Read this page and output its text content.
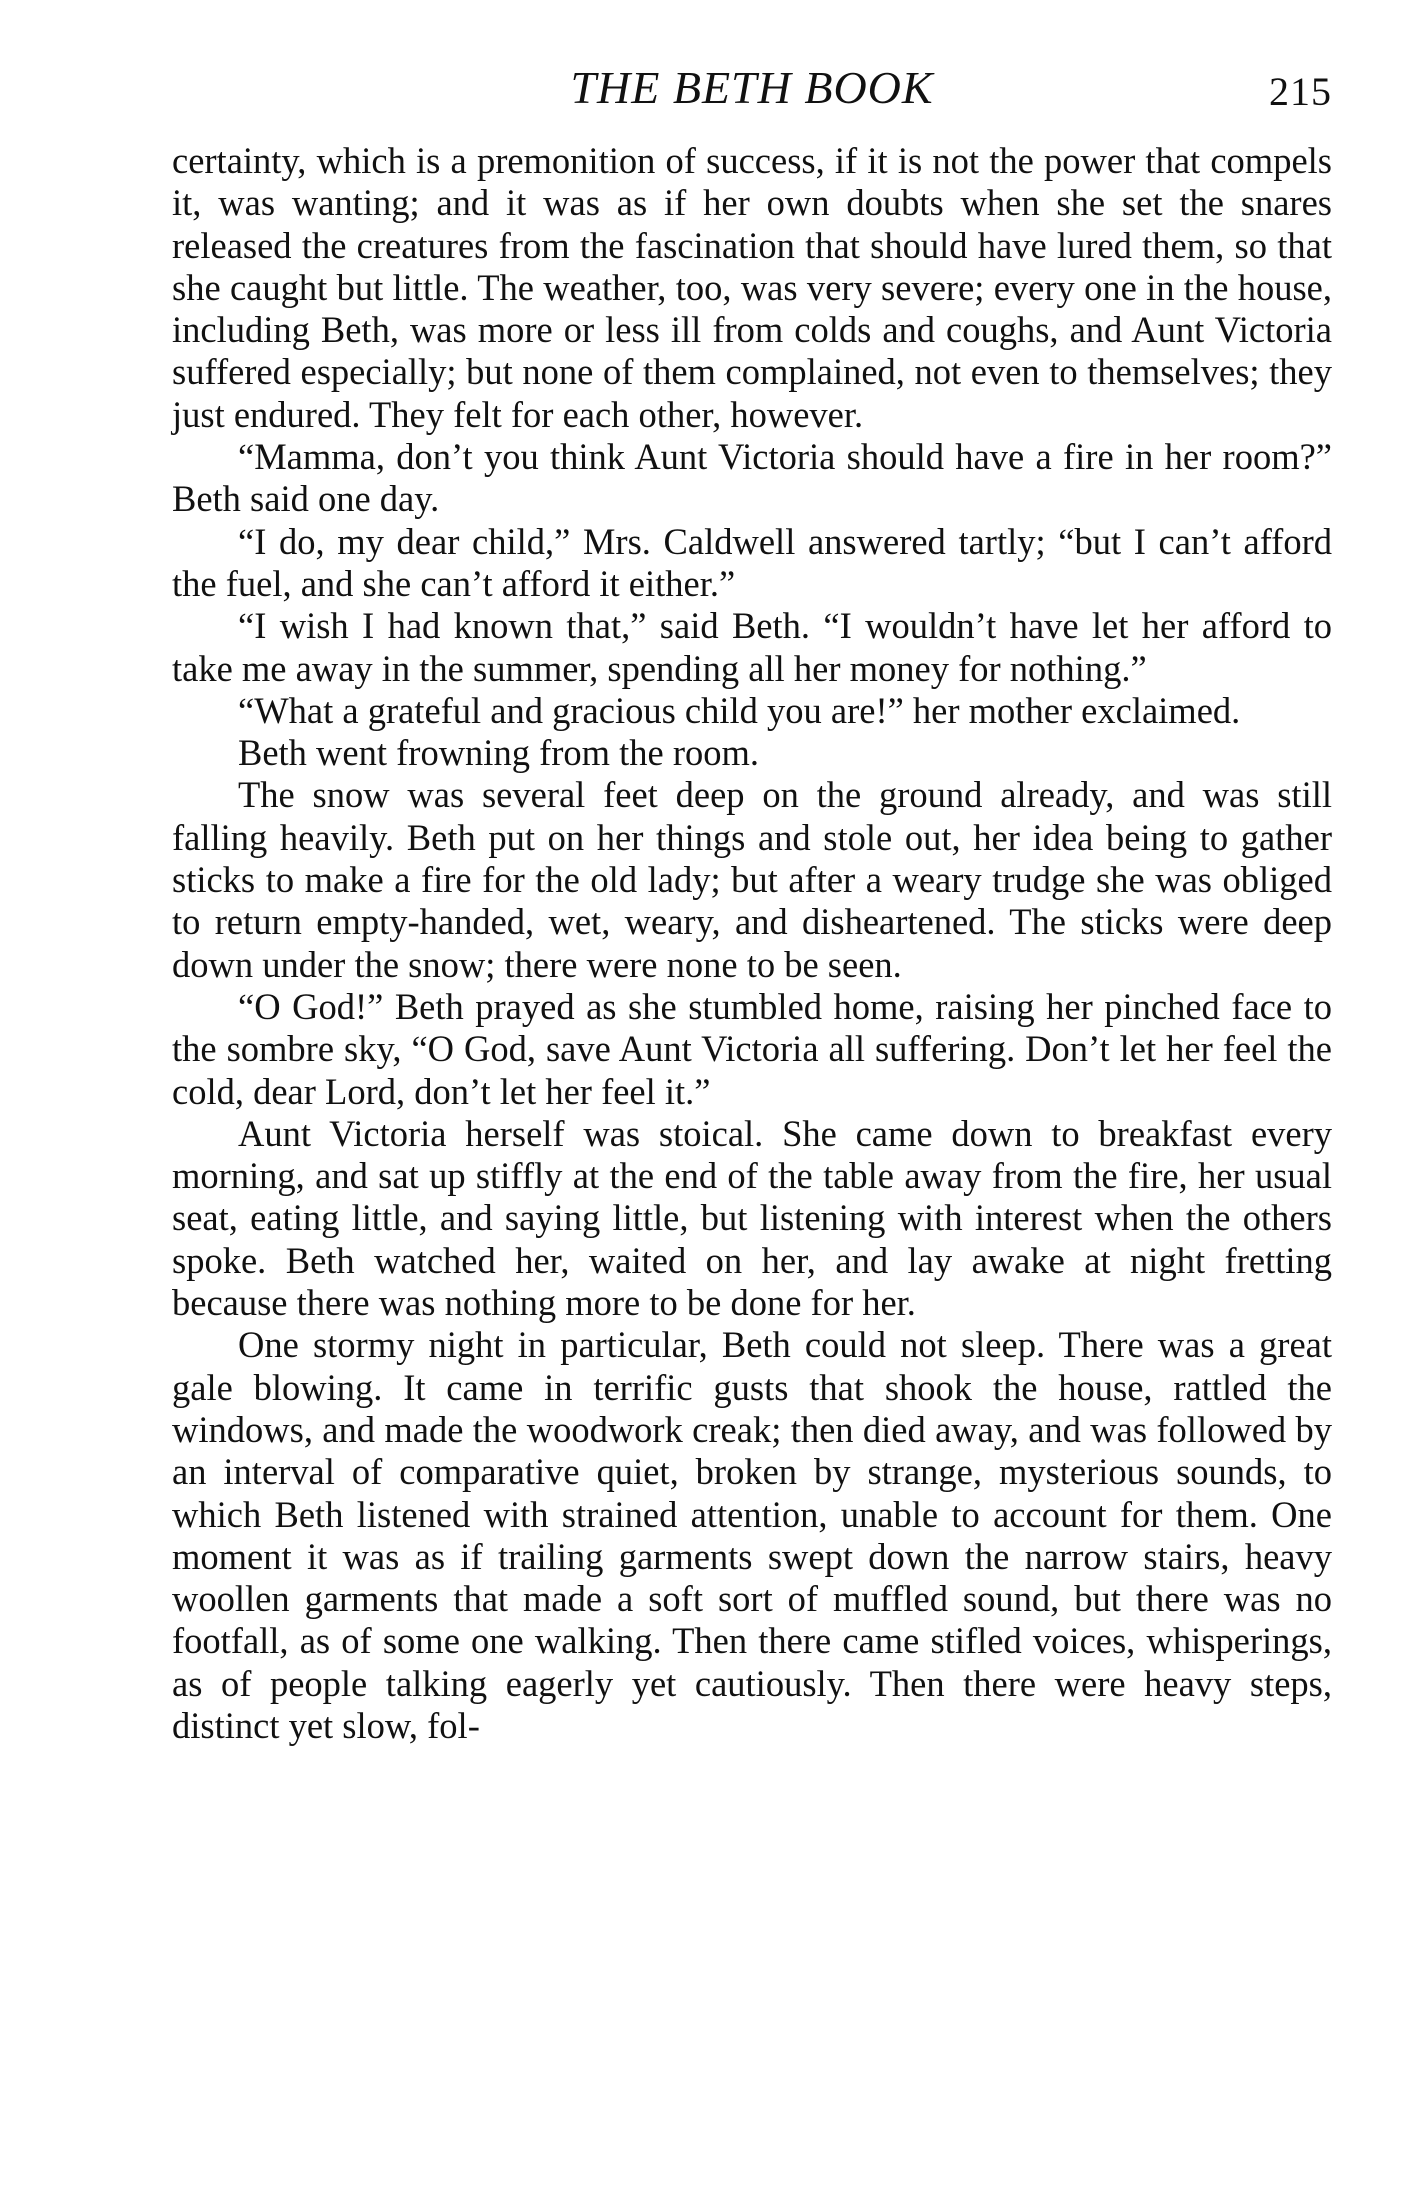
THE BETH BOOK	215

certainty, which is a premonition of success, if it is not the power that compels it, was wanting; and it was as if her own doubts when she set the snares released the creatures from the fascination that should have lured them, so that she caught but little. The weather, too, was very severe; every one in the house, including Beth, was more or less ill from colds and coughs, and Aunt Victoria suffered especially; but none of them complained, not even to themselves; they just endured. They felt for each other, however.

“Mamma, don’t you think Aunt Victoria should have a fire in her room?” Beth said one day.

“I do, my dear child,” Mrs. Caldwell answered tartly; “but I can’t afford the fuel, and she can’t afford it either.”

“I wish I had known that,” said Beth. “I wouldn’t have let her afford to take me away in the summer, spending all her money for nothing.”

“What a grateful and gracious child you are!” her mother exclaimed.

Beth went frowning from the room.

The snow was several feet deep on the ground already, and was still falling heavily. Beth put on her things and stole out, her idea being to gather sticks to make a fire for the old lady; but after a weary trudge she was obliged to return empty-handed, wet, weary, and disheartened. The sticks were deep down under the snow; there were none to be seen.

“O God!” Beth prayed as she stumbled home, raising her pinched face to the sombre sky, “O God, save Aunt Victoria all suffering. Don’t let her feel the cold, dear Lord, don’t let her feel it.”

Aunt Victoria herself was stoical. She came down to breakfast every morning, and sat up stiffly at the end of the table away from the fire, her usual seat, eating little, and saying little, but listening with interest when the others spoke. Beth watched her, waited on her, and lay awake at night fretting because there was nothing more to be done for her.

One stormy night in particular, Beth could not sleep. There was a great gale blowing. It came in terrific gusts that shook the house, rattled the windows, and made the woodwork creak; then died away, and was followed by an interval of comparative quiet, broken by strange, mysterious sounds, to which Beth listened with strained attention, unable to account for them. One moment it was as if trailing garments swept down the narrow stairs, heavy woollen garments that made a soft sort of muffled sound, but there was no footfall, as of some one walking. Then there came stifled voices, whisperings, as of people talking eagerly yet cautiously. Then there were heavy steps, distinct yet slow, fol-
